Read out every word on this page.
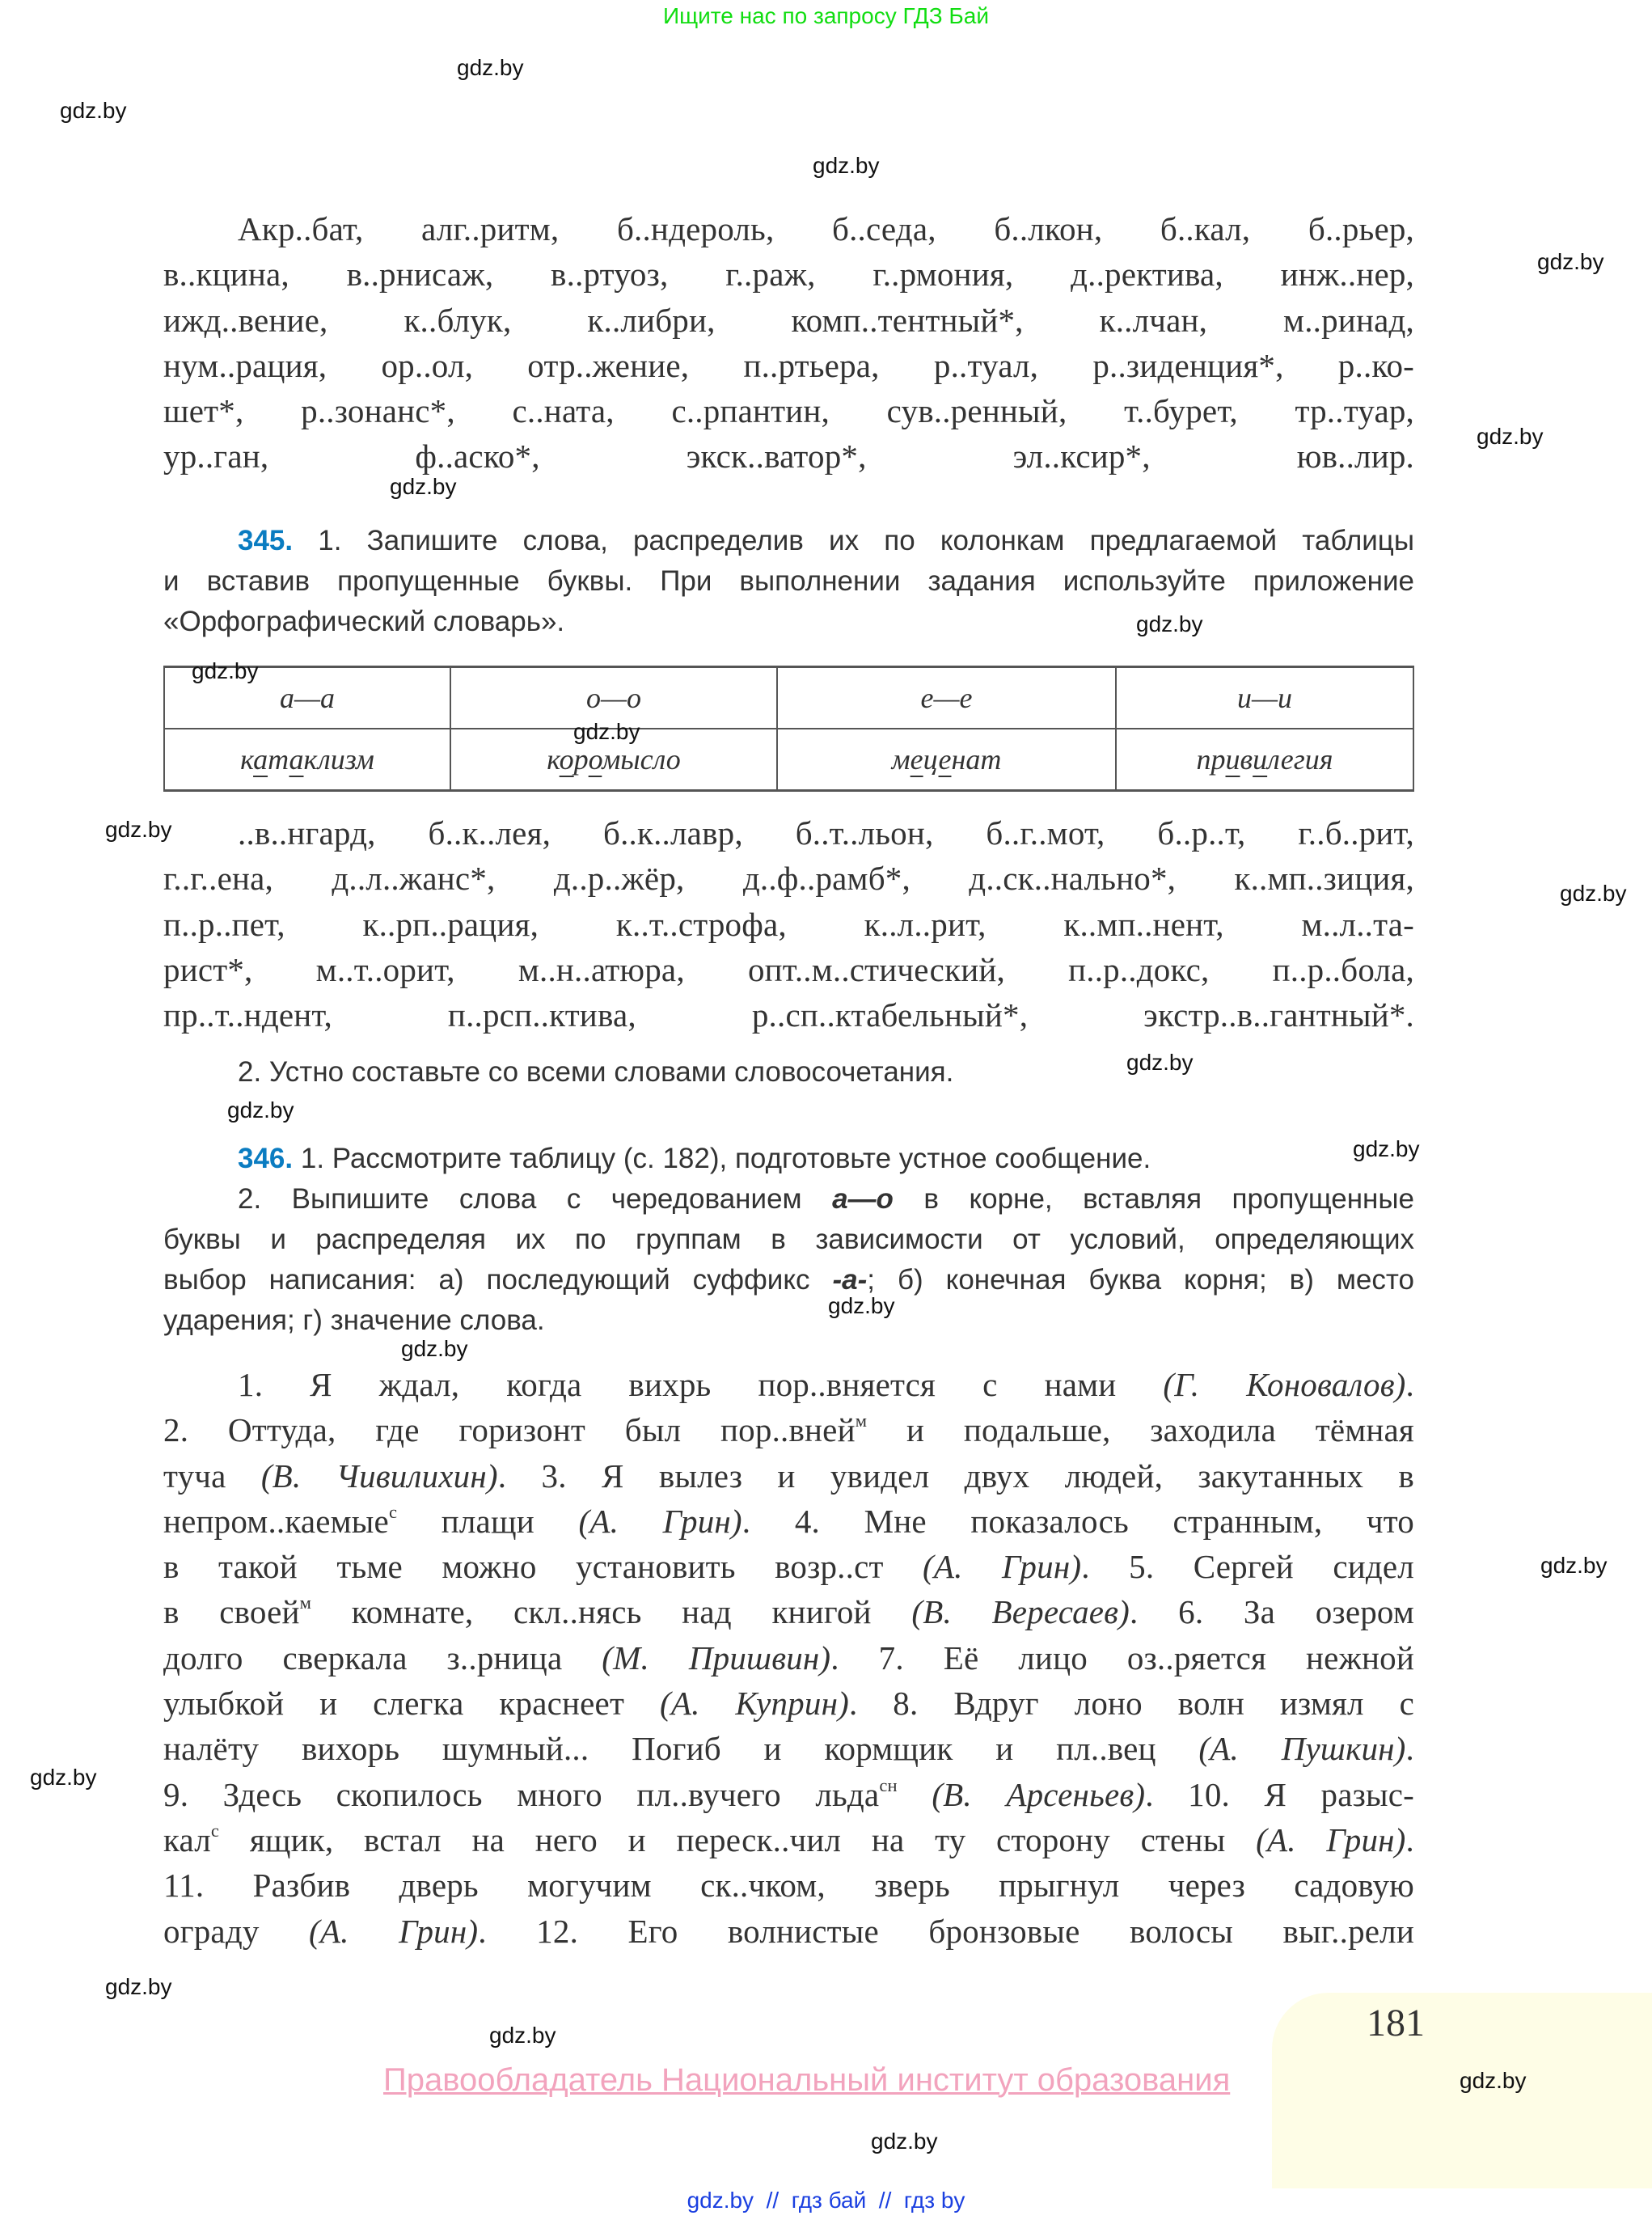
Ищите нас по запросу ГДЗ Бай
Акр..бат, алг..ритм, б..ндероль, б..седа, б..лкон, б..кал, б..рьер,
в..кцина, в..рнисаж, в..ртуоз, г..раж, г..рмония, д..ректива, инж..нер,
ижд..вение, к..блук, к..либри, комп..тентный*, к..лчан, м..ринад,
нум..рация, ор..ол, отр..жение, п..ртьера, р..туал, р..зиденция*, р..ко-
шет*, р..зонанс*, с..ната, с..рпантин, сув..ренный, т..бурет, тр..туар,
ур..ган, ф..аско*, экск..ватор*, эл..ксир*, юв..лир.
345. 1. Запишите слова, распределив их по колонкам предлагаемой таблицы
и вставив пропущенные буквы. При выполнении задания используйте приложение
«Орфографический словарь».
а—а	о—о	е—е	и—и
катаклизм	коромысло	меценат	привилегия
..в..нгард, б..к..лея, б..к..лавр, б..т..льон, б..г..мот, б..р..т, г..б..рит,
г..г..ена, д..л..жанс*, д..р..жёр, д..ф..рамб*, д..ск..нально*, к..мп..зиция,
п..р..пет, к..рп..рация, к..т..строфа, к..л..рит, к..мп..нент, м..л..та-
рист*, м..т..орит, м..н..атюра, опт..м..стический, п..р..докс, п..р..бола,
пр..т..ндент, п..рсп..ктива, р..сп..ктабельный*, экстр..в..гантный*.
2. Устно составьте со всеми словами словосочетания.
346. 1. Рассмотрите таблицу (с. 182), подготовьте устное сообщение.
2. Выпишите слова с чередованием а—о в корне, вставляя пропущенные
буквы и распределяя их по группам в зависимости от условий, определяющих
выбор написания: а) последующий суффикс -а-; б) конечная буква корня; в) место
ударения; г) значение слова.
1. Я ждал, когда вихрь пор..вняется с нами (Г. Коновалов).
2. Оттуда, где горизонт был пор..вней$^м$ и подальше, заходила тёмная
туча (В. Чивилихин). 3. Я вылез и увидел двух людей, закутанных в
непром..каемые$^с$ плащи (А. Грин). 4. Мне показалось странным, что
в такой тьме можно установить возр..ст (А. Грин). 5. Сергей сидел
в своей$^м$ комнате, скл..нясь над книгой (В. Вересаев). 6. За озером
долго сверкала з..рница (М. Пришвин). 7. Её лицо оз..ряется нежной
улыбкой и слегка краснеет (А. Куприн). 8. Вдруг лоно волн измял с
налёту вихорь шумный... Погиб и кормщик и пл..вец (А. Пушкин).
9. Здесь скопилось много пл..вучего льда$^{сн}$ (В. Арсеньев). 10. Я разыс-
кал$^с$ ящик, встал на него и переск..чил на ту сторону стены (А. Грин).
11. Разбив дверь могучим ск..чком, зверь прыгнул через садовую
ограду (А. Грин). 12. Его волнистые бронзовые волосы выг..рели
181
Правообладатель Национальный институт образования
gdz.by  //  гдз бай  //  гдз by
gdz.by
gdz.by
gdz.by
gdz.by
gdz.by
gdz.by
gdz.by
gdz.by
gdz.by
gdz.by
gdz.by
gdz.by
gdz.by
gdz.by
gdz.by
gdz.by
gdz.by
gdz.by
gdz.by
gdz.by
gdz.by
gdz.by
